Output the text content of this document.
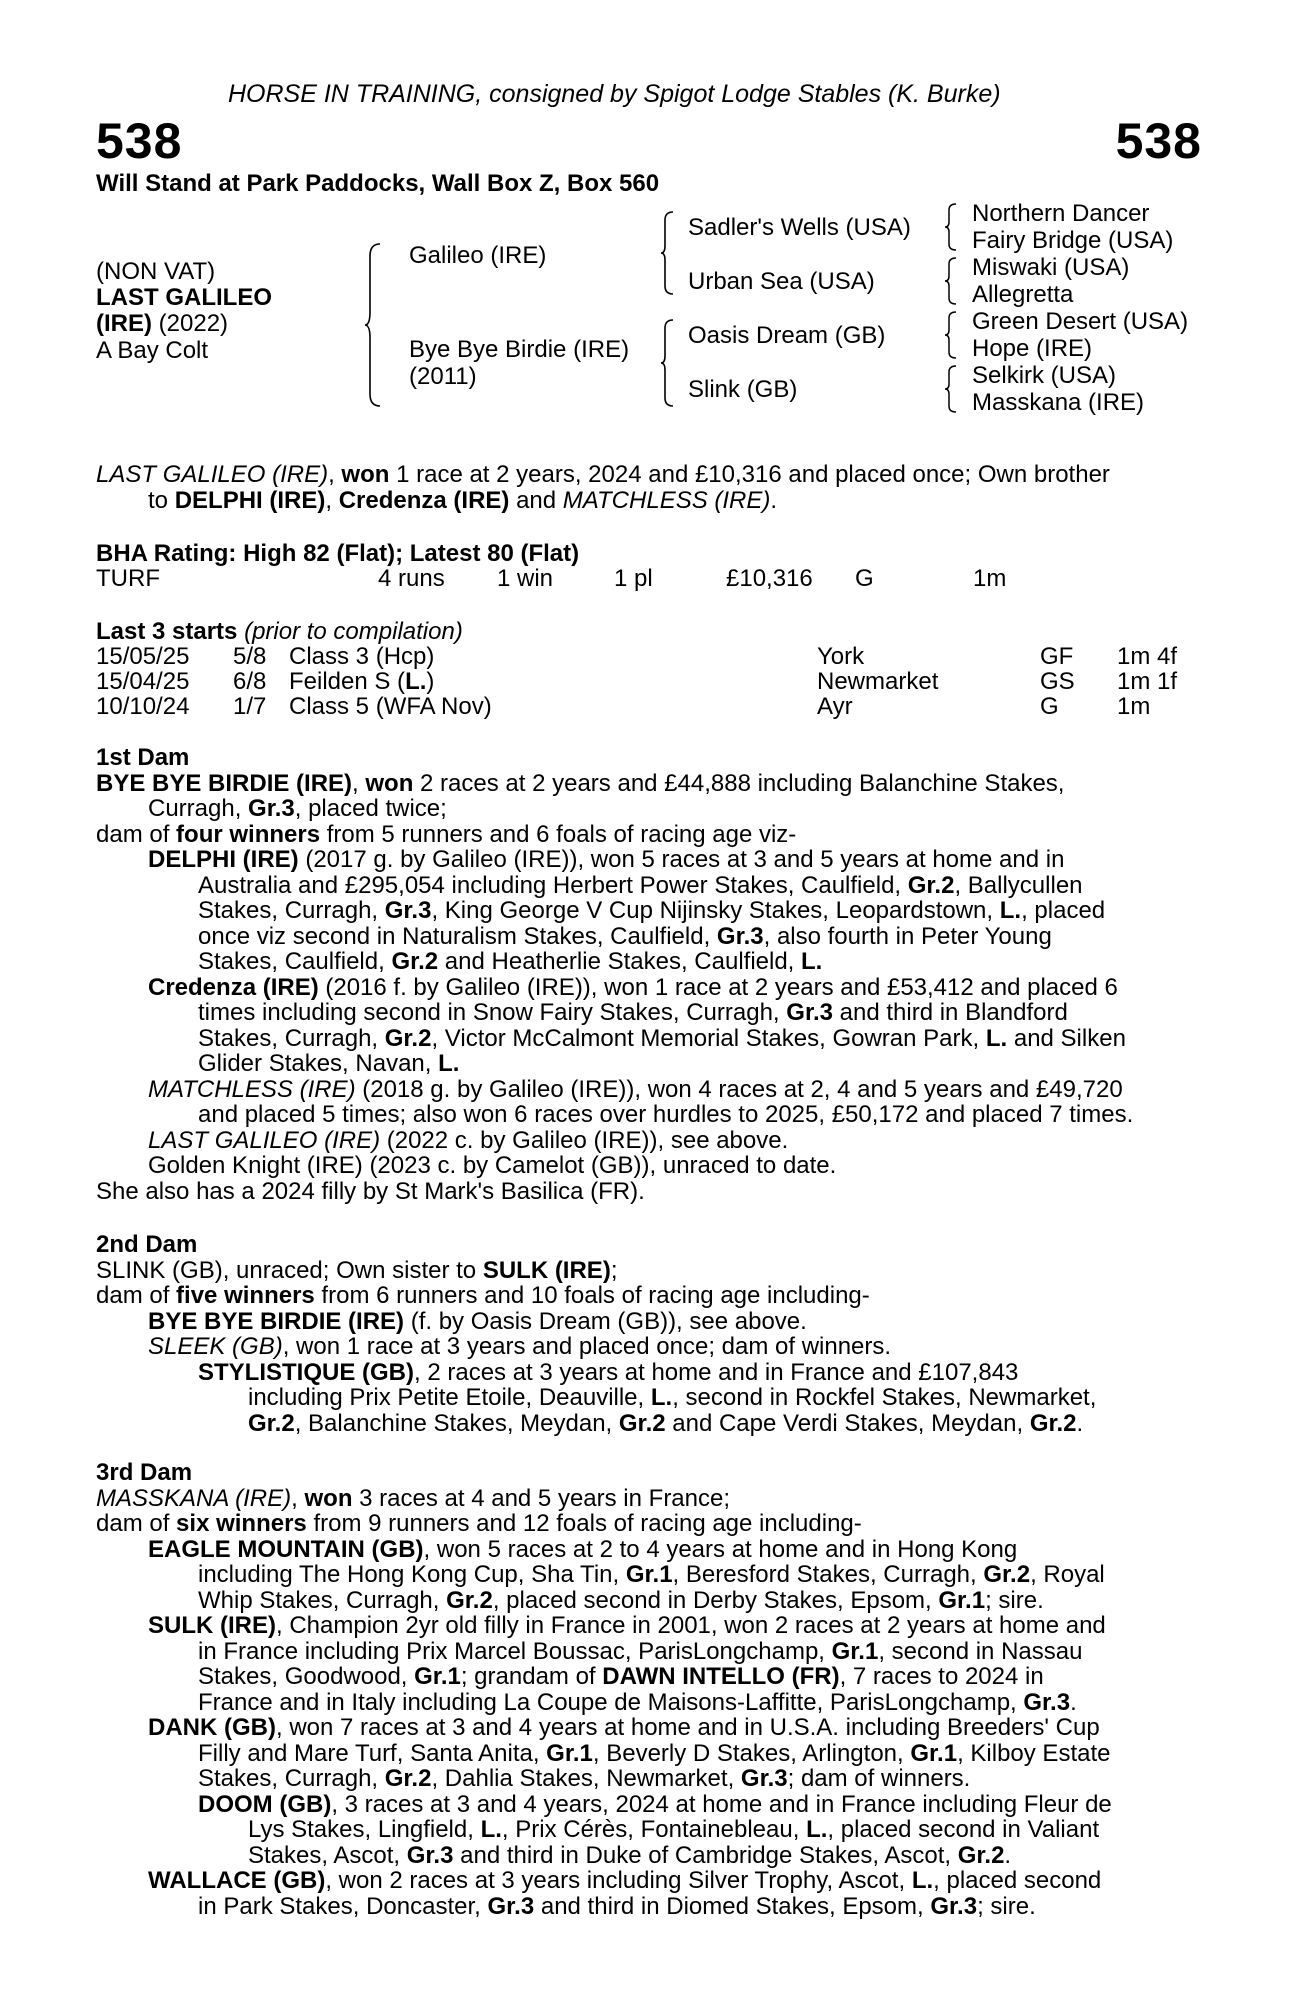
HORSE IN TRAINING, consigned by Spigot Lodge Stables (K. Burke)
538	538
Will Stand at Park Paddocks, Wall Box Z, Box 560
(NON VAT)
LAST GALILEO
(IRE) (2022)
A Bay Colt
Galileo (IRE)
Bye Bye Birdie (IRE)
(2011)
Sadler's Wells (USA)
Urban Sea (USA)
Oasis Dream (GB)
Slink (GB)
Northern Dancer
Fairy Bridge (USA)
Miswaki (USA)
Allegretta
Green Desert (USA)
Hope (IRE)
Selkirk (USA)
Masskana (IRE)
LAST GALILEO (IRE), won 1 race at 2 years, 2024 and £10,316 and placed once; Own brother
to DELPHI (IRE), Credenza (IRE) and MATCHLESS (IRE).
BHA Rating: High 82 (Flat); Latest 80 (Flat)
TURF	4 runs 1 win	1 pl	£10,316 G	1m
Last 3 starts (prior to compilation)
15/05/25 5/8 Class 3 (Hcp)	York	GF 1m 4f
15/04/25 6/8 Feilden S (L.)	Newmarket	GS 1m 1f
10/10/24 1/7 Class 5 (WFA Nov)	Ayr	G 1m
1st Dam
BYE BYE BIRDIE (IRE), won 2 races at 2 years and £44,888 including Balanchine Stakes,
Curragh, Gr.3, placed twice;
dam of four winners from 5 runners and 6 foals of racing age viz-
DELPHI (IRE) (2017 g. by Galileo (IRE)), won 5 races at 3 and 5 years at home and in
Australia and £295,054 including Herbert Power Stakes, Caulfield, Gr.2, Ballycullen
Stakes, Curragh, Gr.3, King George V Cup Nijinsky Stakes, Leopardstown, L., placed
once viz second in Naturalism Stakes, Caulfield, Gr.3, also fourth in Peter Young
Stakes, Caulfield, Gr.2 and Heatherlie Stakes, Caulfield, L.
Credenza (IRE) (2016 f. by Galileo (IRE)), won 1 race at 2 years and £53,412 and placed 6
times including second in Snow Fairy Stakes, Curragh, Gr.3 and third in Blandford
Stakes, Curragh, Gr.2, Victor McCalmont Memorial Stakes, Gowran Park, L. and Silken
Glider Stakes, Navan, L.
MATCHLESS (IRE) (2018 g. by Galileo (IRE)), won 4 races at 2, 4 and 5 years and £49,720
and placed 5 times; also won 6 races over hurdles to 2025, £50,172 and placed 7 times.
LAST GALILEO (IRE) (2022 c. by Galileo (IRE)), see above.
Golden Knight (IRE) (2023 c. by Camelot (GB)), unraced to date.
She also has a 2024 filly by St Mark's Basilica (FR).
2nd Dam
SLINK (GB), unraced; Own sister to SULK (IRE);
dam of five winners from 6 runners and 10 foals of racing age including-
BYE BYE BIRDIE (IRE) (f. by Oasis Dream (GB)), see above.
SLEEK (GB), won 1 race at 3 years and placed once; dam of winners.
STYLISTIQUE (GB), 2 races at 3 years at home and in France and £107,843
including Prix Petite Etoile, Deauville, L., second in Rockfel Stakes, Newmarket,
Gr.2, Balanchine Stakes, Meydan, Gr.2 and Cape Verdi Stakes, Meydan, Gr.2.
3rd Dam
MASSKANA (IRE), won 3 races at 4 and 5 years in France;
dam of six winners from 9 runners and 12 foals of racing age including-
EAGLE MOUNTAIN (GB), won 5 races at 2 to 4 years at home and in Hong Kong
including The Hong Kong Cup, Sha Tin, Gr.1, Beresford Stakes, Curragh, Gr.2, Royal
Whip Stakes, Curragh, Gr.2, placed second in Derby Stakes, Epsom, Gr.1; sire.
SULK (IRE), Champion 2yr old filly in France in 2001, won 2 races at 2 years at home and
in France including Prix Marcel Boussac, ParisLongchamp, Gr.1, second in Nassau
Stakes, Goodwood, Gr.1; grandam of DAWN INTELLO (FR), 7 races to 2024 in
France and in Italy including La Coupe de Maisons-Laffitte, ParisLongchamp, Gr.3.
DANK (GB), won 7 races at 3 and 4 years at home and in U.S.A. including Breeders' Cup
Filly and Mare Turf, Santa Anita, Gr.1, Beverly D Stakes, Arlington, Gr.1, Kilboy Estate
Stakes, Curragh, Gr.2, Dahlia Stakes, Newmarket, Gr.3; dam of winners.
DOOM (GB), 3 races at 3 and 4 years, 2024 at home and in France including Fleur de
Lys Stakes, Lingfield, L., Prix Cérès, Fontainebleau, L., placed second in Valiant
Stakes, Ascot, Gr.3 and third in Duke of Cambridge Stakes, Ascot, Gr.2.
WALLACE (GB), won 2 races at 3 years including Silver Trophy, Ascot, L., placed second
in Park Stakes, Doncaster, Gr.3 and third in Diomed Stakes, Epsom, Gr.3; sire.
